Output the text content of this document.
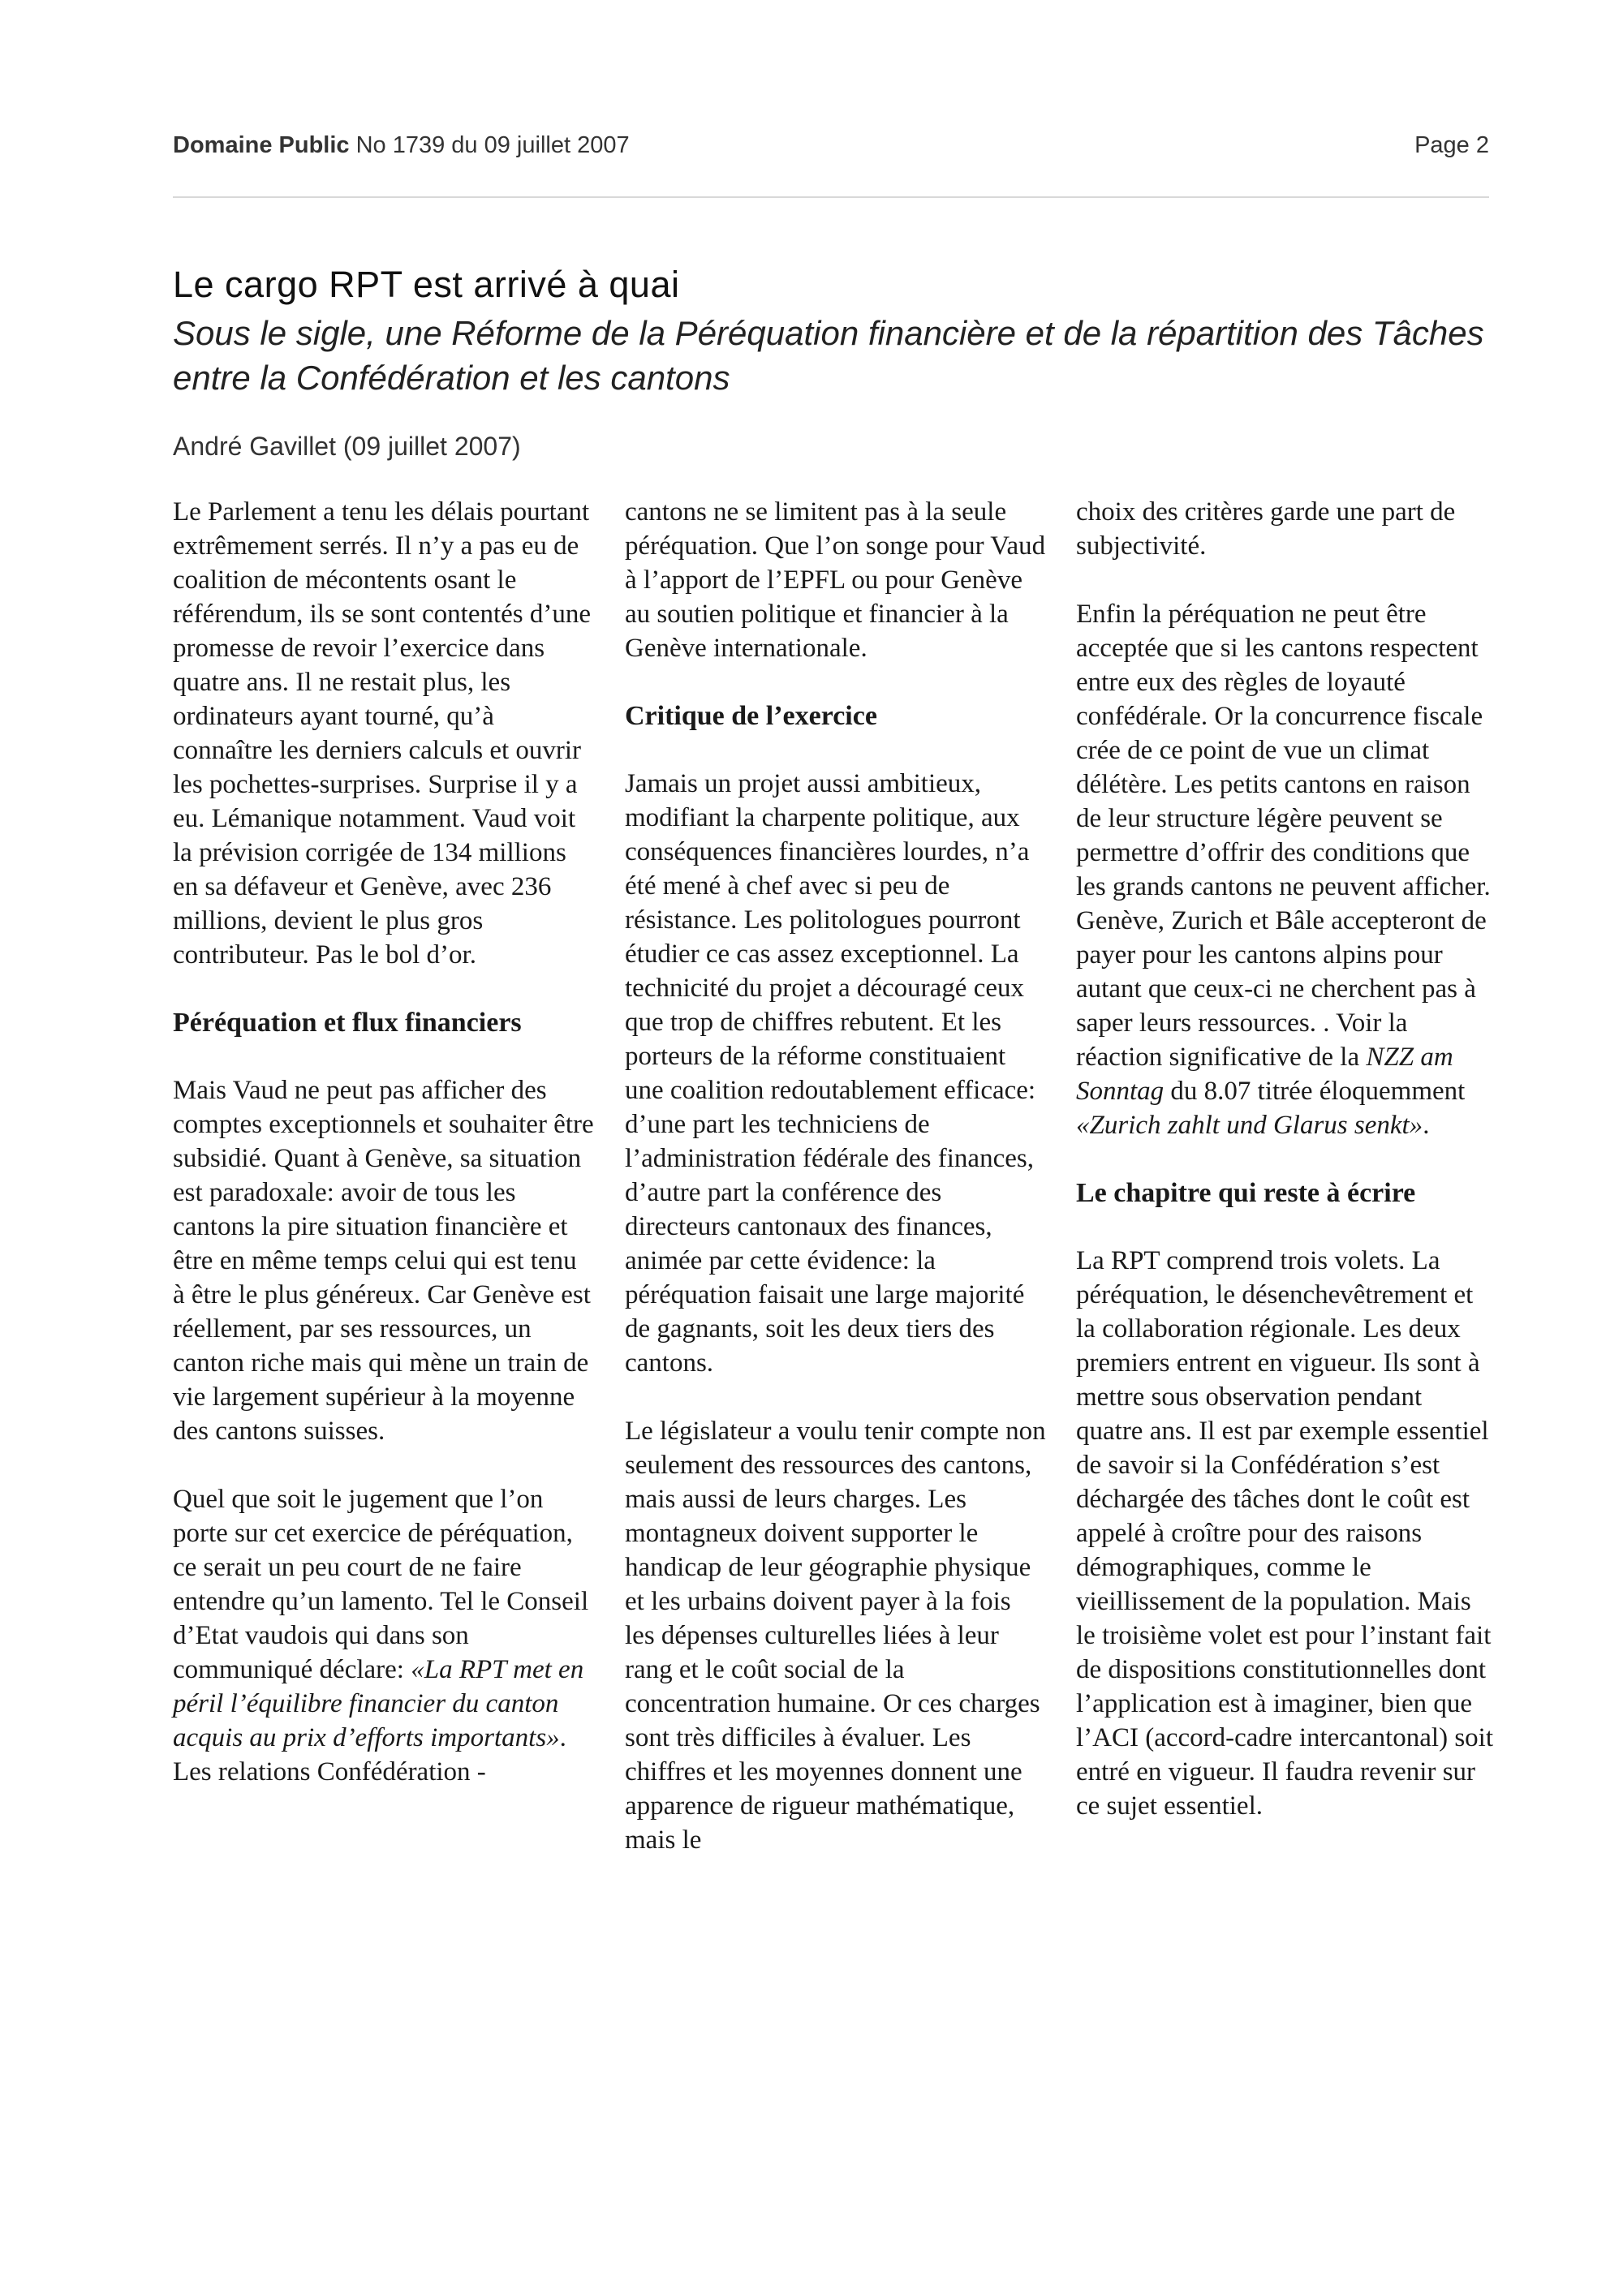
Domaine Public No 1739 du 09 juillet 2007	Page 2
Le cargo RPT est arrivé à quai
Sous le sigle, une Réforme de la Péréquation financière et de la répartition des Tâches entre la Confédération et les cantons
André Gavillet (09 juillet 2007)

Le Parlement a tenu les délais pourtant extrêmement serrés. Il n’y a pas eu de coalition de mécontents osant le référendum, ils se sont contentés d’une promesse de revoir l’exercice dans quatre ans. Il ne restait plus, les ordinateurs ayant tourné, qu’à connaître les derniers calculs et ouvrir les pochettes-surprises. Surprise il y a eu. Lémanique notamment. Vaud voit la prévision corrigée de 134 millions en sa défaveur et Genève, avec 236 millions, devient le plus gros contributeur. Pas le bol d’or.

Péréquation et flux financiers

Mais Vaud ne peut pas afficher des comptes exceptionnels et souhaiter être subsidié. Quant à Genève, sa situation est paradoxale: avoir de tous les cantons la pire situation financière et être en même temps celui qui est tenu à être le plus généreux. Car Genève est réellement, par ses ressources, un canton riche mais qui mène un train de vie largement supérieur à la moyenne des cantons suisses.

Quel que soit le jugement que l’on porte sur cet exercice de péréquation, ce serait un peu court de ne faire entendre qu’un lamento. Tel le Conseil d’Etat vaudois qui dans son communiqué déclare: «La RPT met en péril l’équilibre financier du canton acquis au prix d’efforts importants». Les relations Confédération -

cantons ne se limitent pas à la seule péréquation. Que l’on songe pour Vaud à l’apport de l’EPFL ou pour Genève au soutien politique et financier à la Genève internationale.

Critique de l’exercice

Jamais un projet aussi ambitieux, modifiant la charpente politique, aux conséquences financières lourdes, n’a été mené à chef avec si peu de résistance. Les politologues pourront étudier ce cas assez exceptionnel. La technicité du projet a découragé ceux que trop de chiffres rebutent. Et les porteurs de la réforme constituaient une coalition redoutablement efficace: d’une part les techniciens de l’administration fédérale des finances, d’autre part la conférence des directeurs cantonaux des finances, animée par cette évidence: la péréquation faisait une large majorité de gagnants, soit les deux tiers des cantons.

Le législateur a voulu tenir compte non seulement des ressources des cantons, mais aussi de leurs charges. Les montagneux doivent supporter le handicap de leur géographie physique et les urbains doivent payer à la fois les dépenses culturelles liées à leur rang et le coût social de la concentration humaine. Or ces charges sont très difficiles à évaluer. Les chiffres et les moyennes donnent une apparence de rigueur mathématique, mais le

choix des critères garde une part de subjectivité.

Enfin la péréquation ne peut être acceptée que si les cantons respectent entre eux des règles de loyauté confédérale. Or la concurrence fiscale crée de ce point de vue un climat délétère. Les petits cantons en raison de leur structure légère peuvent se permettre d’offrir des conditions que les grands cantons ne peuvent afficher. Genève, Zurich et Bâle accepteront de payer pour les cantons alpins pour autant que ceux-ci ne cherchent pas à saper leurs ressources. . Voir la réaction significative de la NZZ am Sonntag du 8.07 titrée éloquemment «Zurich zahlt und Glarus senkt».

Le chapitre qui reste à écrire

La RPT comprend trois volets. La péréquation, le désenchevêtrement et la collaboration régionale. Les deux premiers entrent en vigueur. Ils sont à mettre sous observation pendant quatre ans. Il est par exemple essentiel de savoir si la Confédération s’est déchargée des tâches dont le coût est appelé à croître pour des raisons démographiques, comme le vieillissement de la population. Mais le troisième volet est pour l’instant fait de dispositions constitutionnelles dont l’application est à imaginer, bien que l’ACI (accord-cadre intercantonal) soit entré en vigueur. Il faudra revenir sur ce sujet essentiel.
